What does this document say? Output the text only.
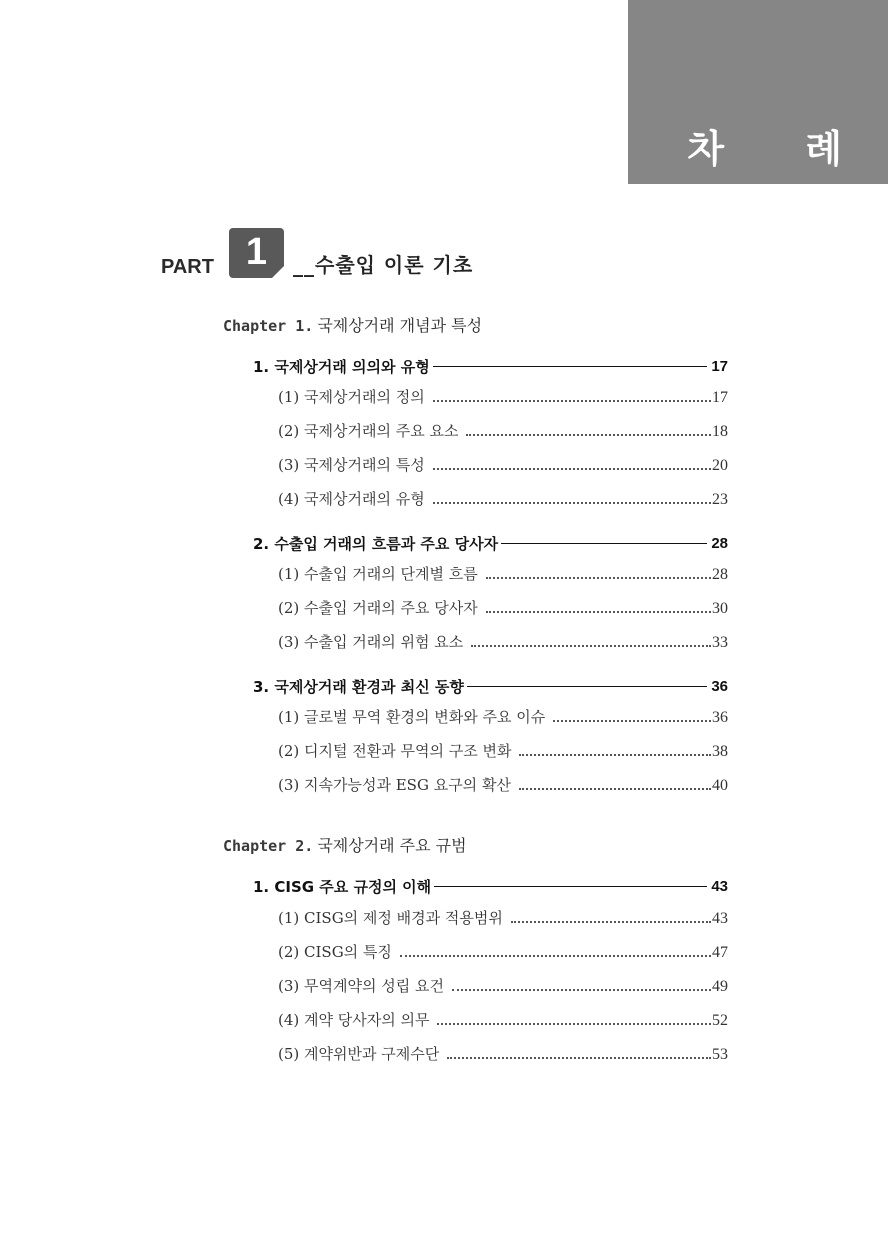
차 례
PART 1	__수출입 이론 기초
Chapter 1. 국제상거래 개념과 특성
1. 국제상거래 의의와 유형	17
(1) 국제상거래의 정의	17
(2) 국제상거래의 주요 요소	18
(3) 국제상거래의 특성	20
(4) 국제상거래의 유형	23
2. 수출입 거래의 흐름과 주요 당사자	28
(1) 수출입 거래의 단계별 흐름	28
(2) 수출입 거래의 주요 당사자	30
(3) 수출입 거래의 위험 요소	33
3. 국제상거래 환경과 최신 동향	36
(1) 글로벌 무역 환경의 변화와 주요 이슈	36
(2) 디지털 전환과 무역의 구조 변화	38
(3) 지속가능성과 ESG 요구의 확산	40
Chapter 2. 국제상거래 주요 규범
1. CISG 주요 규정의 이해	43
(1) CISG의 제정 배경과 적용범위	43
(2) CISG의 특징	47
(3) 무역계약의 성립 요건	49
(4) 계약 당사자의 의무	52
(5) 계약위반과 구제수단	53
